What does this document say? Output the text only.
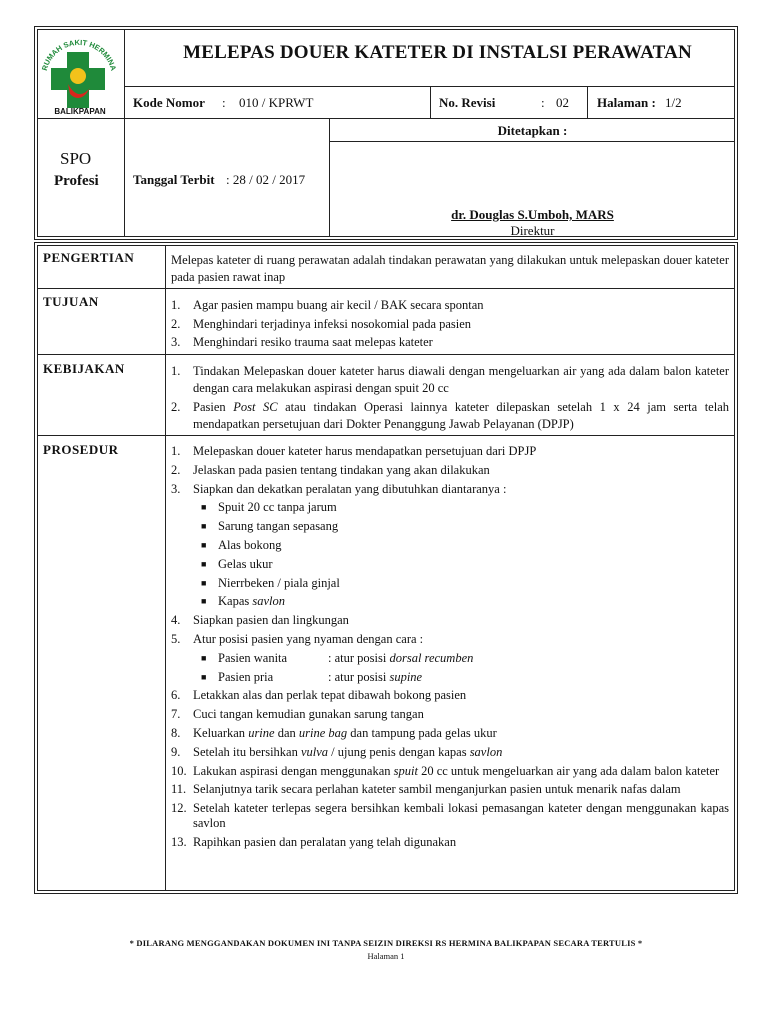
RUMAH SAKIT HERMINA
BALIKPAPAN
MELEPAS DOUER KATETER DI INSTALSI PERAWATAN
Kode Nomor : 010 / KPRWT	No. Revisi	: 02 Halaman : 1/2
SPO
Profesi	Tanggal Terbit : 28 / 02 / 2017
Ditetapkan :
dr. Douglas S.Umboh, MARS
Direktur
PENGERTIAN	Melepas kateter di ruang perawatan adalah tindakan perawatan yang dilakukan untuk melepaskan douer kateter pada pasien rawat inap
TUJUAN	1.	Agar pasien mampu buang air kecil / BAK secara spontan
2.	Menghindari terjadinya infeksi nosokomial pada pasien
3.	Menghindari resiko trauma saat melepas kateter
KEBIJAKAN	1.	Tindakan Melepaskan douer kateter harus diawali dengan mengeluarkan air yang ada dalam balon kateter dengan cara melakukan aspirasi dengan spuit 20 cc
2.	Pasien Post SC atau tindakan Operasi lainnya kateter dilepaskan setelah 1 x 24 jam serta telah mendapatkan persetujuan dari Dokter Penanggung Jawab Pelayanan (DPJP)
PROSEDUR	1.	Melepaskan douer kateter harus mendapatkan persetujuan dari DPJP
2.	Jelaskan pada pasien tentang tindakan yang akan dilakukan
3.	Siapkan dan dekatkan peralatan yang dibutuhkan diantaranya :
■ Spuit 20 cc tanpa jarum
■ Sarung tangan sepasang
■ Alas bokong
■ Gelas ukur
■ Nierrbeken / piala ginjal
■ Kapas savlon
4.	Siapkan pasien dan lingkungan
5.	Atur posisi pasien yang nyaman dengan cara :
■ Pasien wanita	: atur posisi dorsal recumben
■ Pasien pria	: atur posisi supine
6.	Letakkan alas dan perlak tepat dibawah bokong pasien
7.	Cuci tangan kemudian gunakan sarung tangan
8.	Keluarkan urine dan urine bag dan tampung pada gelas ukur
9.	Setelah itu bersihkan vulva / ujung penis dengan kapas savlon
10. Lakukan aspirasi dengan menggunakan spuit 20 cc untuk mengeluarkan air yang ada dalam balon kateter
11. Selanjutnya tarik secara perlahan kateter sambil menganjurkan pasien untuk menarik nafas dalam
12. Setelah kateter terlepas segera bersihkan kembali lokasi pemasangan kateter dengan menggunakan kapas savlon
13. Rapihkan pasien dan peralatan yang telah digunakan
* DILARANG MENGGANDAKAN DOKUMEN INI TANPA SEIZIN DIREKSI RS HERMINA BALIKPAPAN SECARA TERTULIS *
Halaman 1
